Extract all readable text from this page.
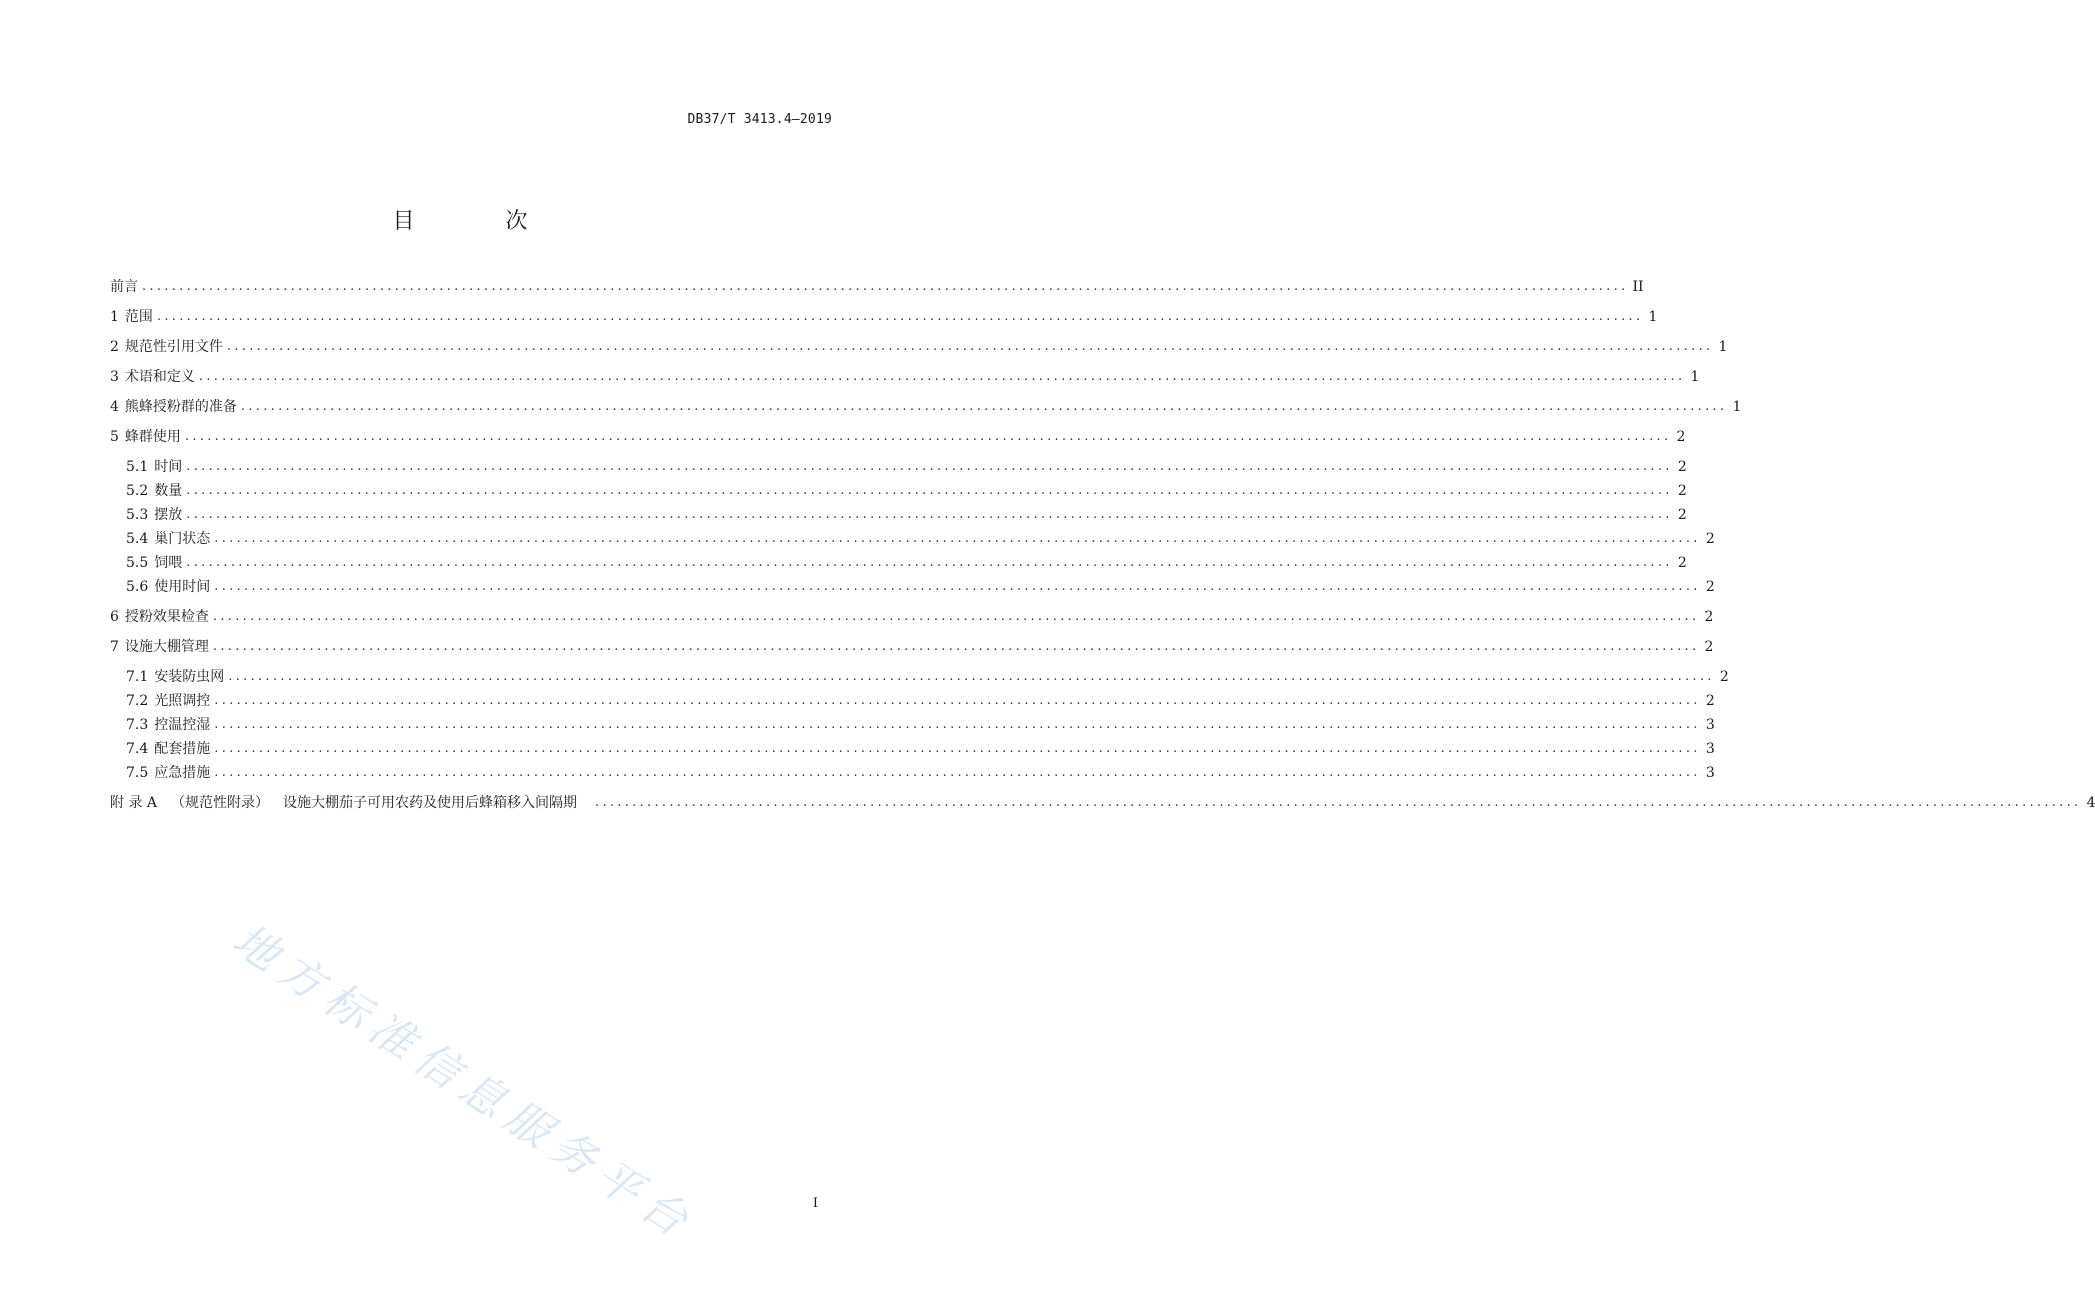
DB37/T 3413.4—2019
目 次
前言 ........................................................................................................................................................................................................ II
1 范围 ........................................................................................................................................................................................................ 1
2 规范性引用文件 ........................................................................................................................................................................................................ 1
3 术语和定义 ........................................................................................................................................................................................................ 1
4 熊蜂授粉群的准备 ........................................................................................................................................................................................................ 1
5 蜂群使用 ........................................................................................................................................................................................................ 2
5.1 时间 ........................................................................................................................................................................................................ 2
5.2 数量 ........................................................................................................................................................................................................ 2
5.3 摆放 ........................................................................................................................................................................................................ 2
5.4 巢门状态 ........................................................................................................................................................................................................ 2
5.5 饲喂 ........................................................................................................................................................................................................ 2
5.6 使用时间 ........................................................................................................................................................................................................ 2
6 授粉效果检查 ........................................................................................................................................................................................................ 2
7 设施大棚管理 ........................................................................................................................................................................................................ 2
7.1 安装防虫网 ........................................................................................................................................................................................................ 2
7.2 光照调控 ........................................................................................................................................................................................................ 2
7.3 控温控湿 ........................................................................................................................................................................................................ 3
7.4 配套措施 ........................................................................................................................................................................................................ 3
7.5 应急措施 ........................................................................................................................................................................................................ 3
附 录 A （规范性附录） 设施大棚茄子可用农药及使用后蜂箱移入间隔期	........................................................................................................................................................................................................ 4
I
地方标准信息服务平台
